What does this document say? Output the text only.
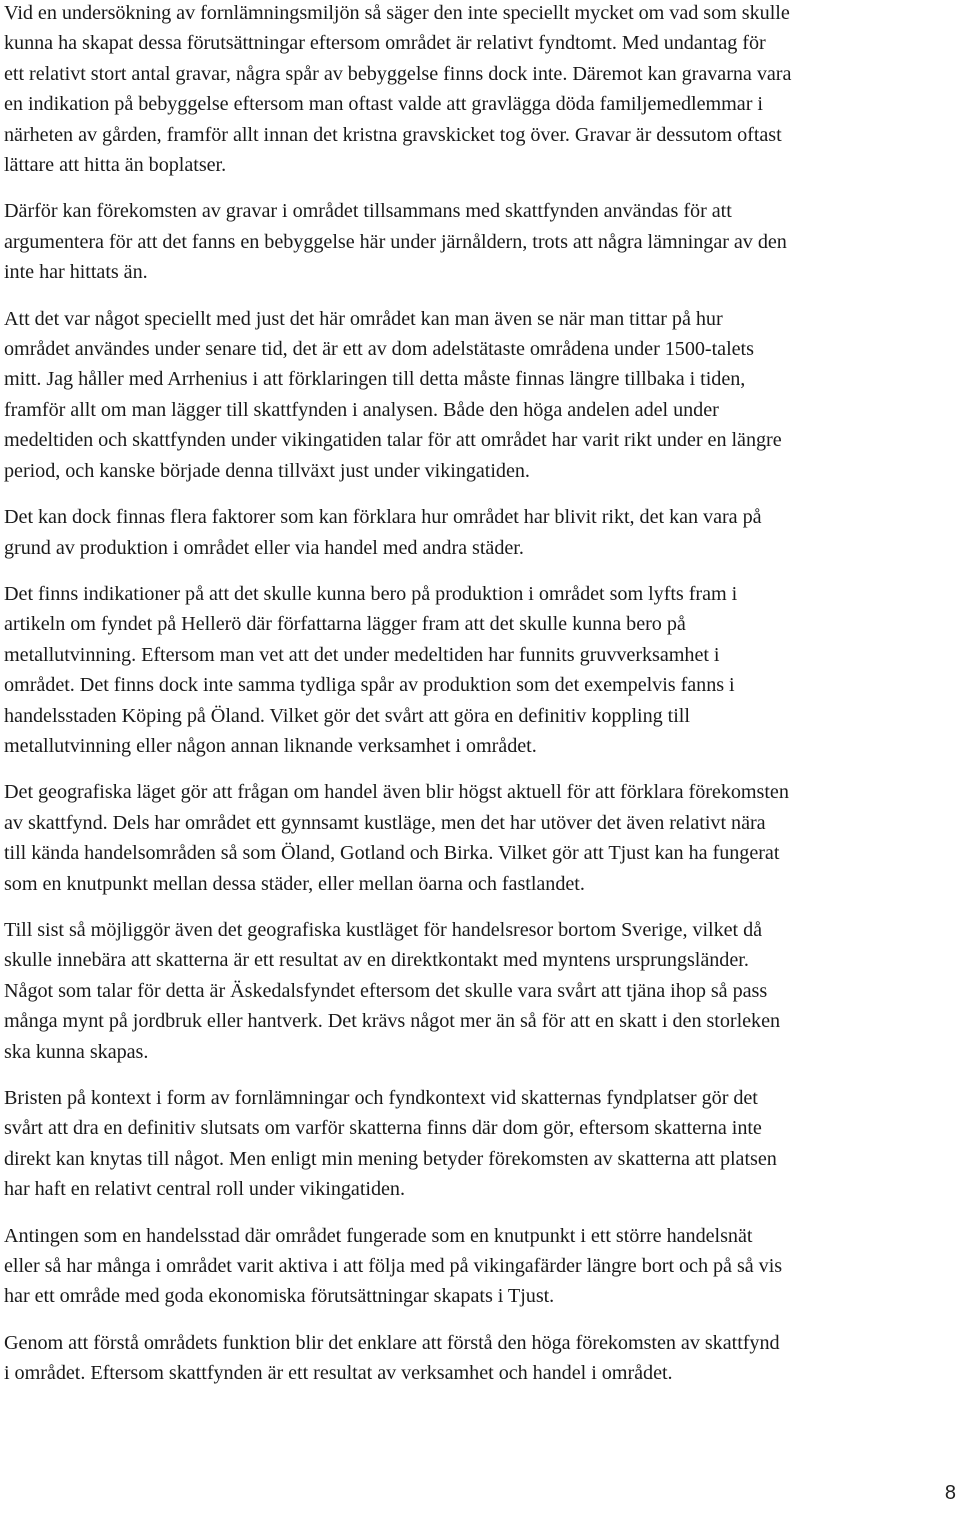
Vid en undersökning av fornlämningsmiljön så säger den inte speciellt mycket om vad som skulle
kunna ha skapat dessa förutsättningar eftersom området är relativt fyndtomt. Med undantag för
ett relativt stort antal gravar, några spår av bebyggelse finns dock inte. Däremot kan gravarna vara
en indikation på bebyggelse eftersom man oftast valde att gravlägga döda familjemedlemmar i
närheten av gården, framför allt innan det kristna gravskicket tog över. Gravar är dessutom oftast
lättare att hitta än boplatser.

Därför kan förekomsten av gravar i området tillsammans med skattfynden användas för att
argumentera för att det fanns en bebyggelse här under järnåldern, trots att några lämningar av den
inte har hittats än.

Att det var något speciellt med just det här området kan man även se när man tittar på hur
området användes under senare tid, det är ett av dom adelstätaste områdena under 1500-talets
mitt. Jag håller med Arrhenius i att förklaringen till detta måste finnas längre tillbaka i tiden,
framför allt om man lägger till skattfynden i analysen. Både den höga andelen adel under
medeltiden och skattfynden under vikingatiden talar för att området har varit rikt under en längre
period, och kanske började denna tillväxt just under vikingatiden.

Det kan dock finnas flera faktorer som kan förklara hur området har blivit rikt, det kan vara på
grund av produktion i området eller via handel med andra städer.

Det finns indikationer på att det skulle kunna bero på produktion i området som lyfts fram i
artikeln om fyndet på Hellerö där författarna lägger fram att det skulle kunna bero på
metallutvinning. Eftersom man vet att det under medeltiden har funnits gruvverksamhet i
området. Det finns dock inte samma tydliga spår av produktion som det exempelvis fanns i
handelsstaden Köping på Öland. Vilket gör det svårt att göra en definitiv koppling till
metallutvinning eller någon annan liknande verksamhet i området.

Det geografiska läget gör att frågan om handel även blir högst aktuell för att förklara förekomsten
av skattfynd. Dels har området ett gynnsamt kustläge, men det har utöver det även relativt nära
till kända handelsområden så som Öland, Gotland och Birka. Vilket gör att Tjust kan ha fungerat
som en knutpunkt mellan dessa städer, eller mellan öarna och fastlandet.

Till sist så möjliggör även det geografiska kustläget för handelsresor bortom Sverige, vilket då
skulle innebära att skatterna är ett resultat av en direktkontakt med myntens ursprungsländer.
Något som talar för detta är Äskedalsfyndet eftersom det skulle vara svårt att tjäna ihop så pass
många mynt på jordbruk eller hantverk. Det krävs något mer än så för att en skatt i den storleken
ska kunna skapas.

Bristen på kontext i form av fornlämningar och fyndkontext vid skatternas fyndplatser gör det
svårt att dra en definitiv slutsats om varför skatterna finns där dom gör, eftersom skatterna inte
direkt kan knytas till något. Men enligt min mening betyder förekomsten av skatterna att platsen
har haft en relativt central roll under vikingatiden.

Antingen som en handelsstad där området fungerade som en knutpunkt i ett större handelsnät
eller så har många i området varit aktiva i att följa med på vikingafärder längre bort och på så vis
har ett område med goda ekonomiska förutsättningar skapats i Tjust.

Genom att förstå områdets funktion blir det enklare att förstå den höga förekomsten av skattfynd
i området. Eftersom skattfynden är ett resultat av verksamhet och handel i området.

8
